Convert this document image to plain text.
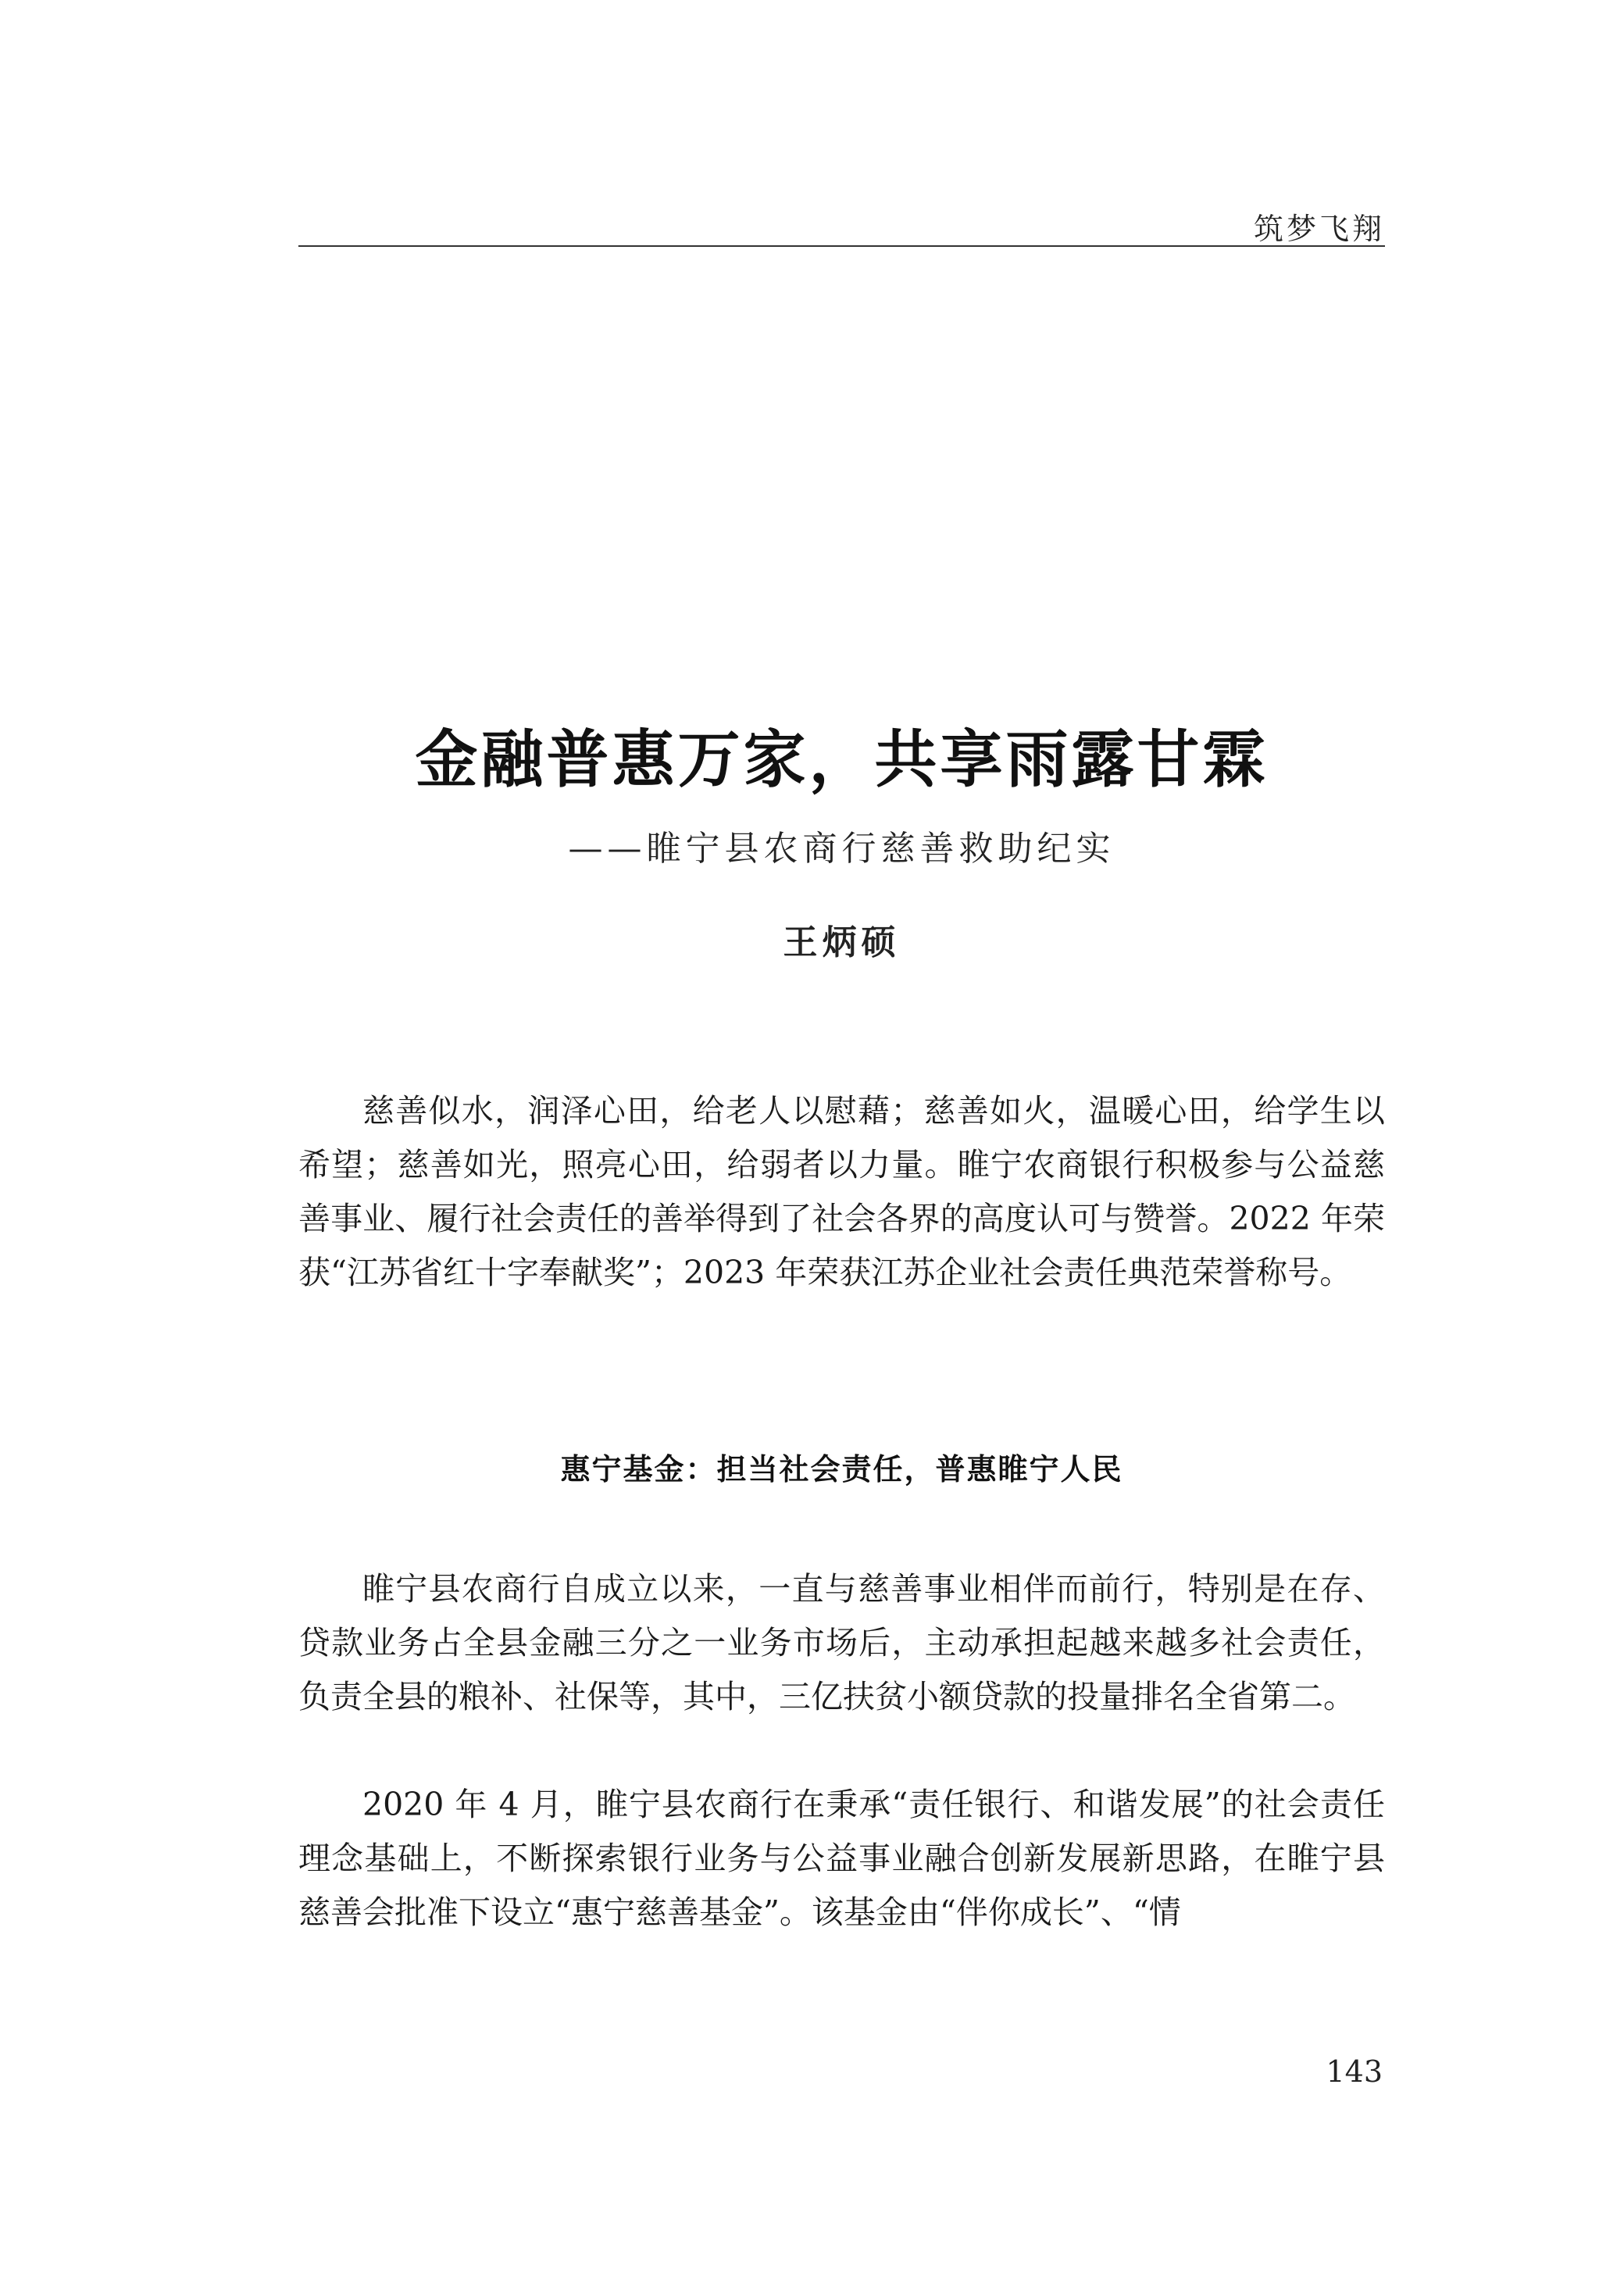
筑梦飞翔
金融普惠万家，共享雨露甘霖
——睢宁县农商行慈善救助纪实
王炳硕

慈善似水，润泽心田，给老人以慰藉；慈善如火，温暖心田，给学生以希望；慈善如光，照亮心田，给弱者以力量。睢宁农商银行积极参与公益慈善事业、履行社会责任的善举得到了社会各界的高度认可与赞誉。2022 年荣获“江苏省红十字奉献奖”；2023 年荣获江苏企业社会责任典范荣誉称号。

惠宁基金：担当社会责任，普惠睢宁人民

睢宁县农商行自成立以来，一直与慈善事业相伴而前行，特别是在存、贷款业务占全县金融三分之一业务市场后，主动承担起越来越多社会责任，负责全县的粮补、社保等，其中，三亿扶贫小额贷款的投量排名全省第二。

2020 年 4 月，睢宁县农商行在秉承“责任银行、和谐发展”的社会责任理念基础上，不断探索银行业务与公益事业融合创新发展新思路，在睢宁县慈善会批准下设立“惠宁慈善基金”。该基金由“伴你成长”、“情

143
